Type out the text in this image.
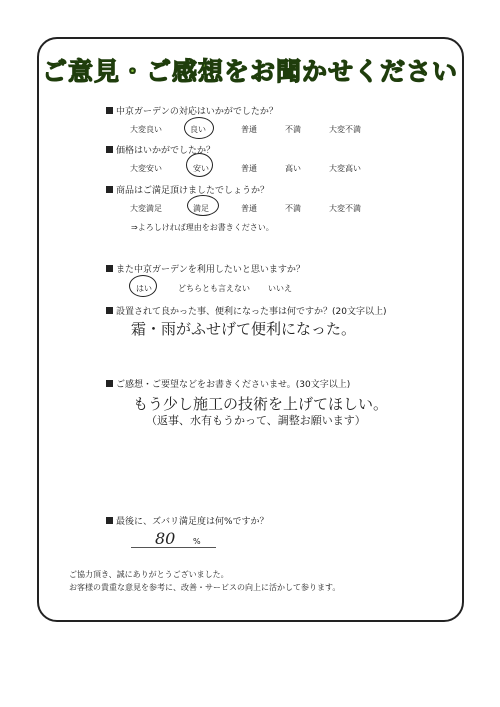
ご意見・ご感想をお聞かせください
中京ガーデンの対応はいかがでしたか？
大変良い	良い	普通	不満	大変不満
価格はいかがでしたか？
大変安い	安い	普通	高い	大変高い
商品はご満足頂けましたでしょうか？
大変満足	満足	普通	不満	大変不満
⇒よろしければ理由をお書きください。
また中京ガーデンを利用したいと思いますか？
はい	どちらとも言えない いいえ
設置されて良かった事、便利になった事は何ですか？(20文字以上)
霜・雨がふせげて便利になった。
ご感想・ご要望などをお書きくださいませ。(30文字以上)
もう少し施工の技術を上げてほしい。
（返事、水有もうかって、調整お願います）
最後に、ズバリ満足度は何%ですか？
80 %
ご協力頂き、誠にありがとうございました。
お客様の貴重な意見を参考に、改善・サービスの向上に活かして参ります。
